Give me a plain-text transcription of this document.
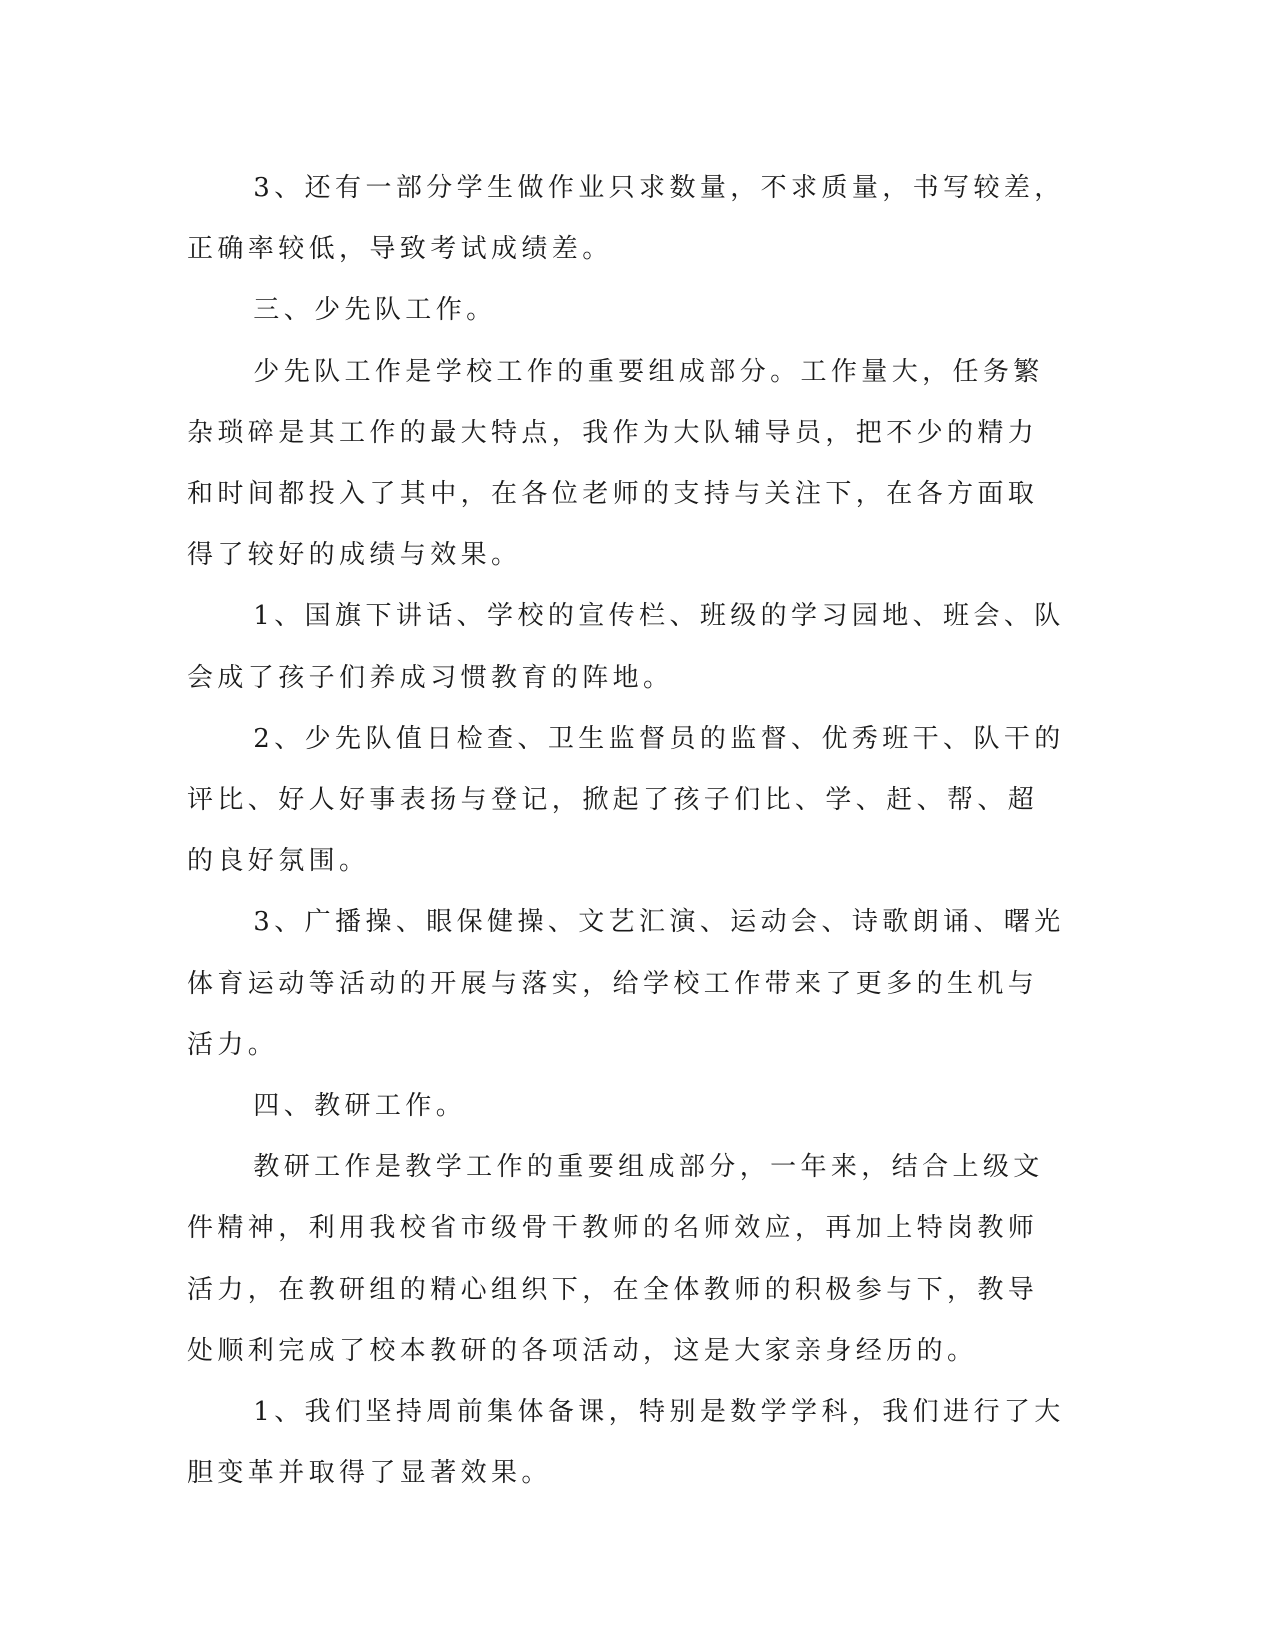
3、还有一部分学生做作业只求数量，不求质量，书写较差，正确率较低，导致考试成绩差。

三、少先队工作。

少先队工作是学校工作的重要组成部分。工作量大，任务繁杂琐碎是其工作的最大特点，我作为大队辅导员，把不少的精力和时间都投入了其中，在各位老师的支持与关注下，在各方面取得了较好的成绩与效果。

1、国旗下讲话、学校的宣传栏、班级的学习园地、班会、队会成了孩子们养成习惯教育的阵地。

2、少先队值日检查、卫生监督员的监督、优秀班干、队干的评比、好人好事表扬与登记，掀起了孩子们比、学、赶、帮、超的良好氛围。

3、广播操、眼保健操、文艺汇演、运动会、诗歌朗诵、曙光体育运动等活动的开展与落实，给学校工作带来了更多的生机与活力。

四、教研工作。

教研工作是教学工作的重要组成部分，一年来，结合上级文件精神，利用我校省市级骨干教师的名师效应，再加上特岗教师活力，在教研组的精心组织下，在全体教师的积极参与下，教导处顺利完成了校本教研的各项活动，这是大家亲身经历的。

1、我们坚持周前集体备课，特别是数学学科，我们进行了大胆变革并取得了显著效果。
